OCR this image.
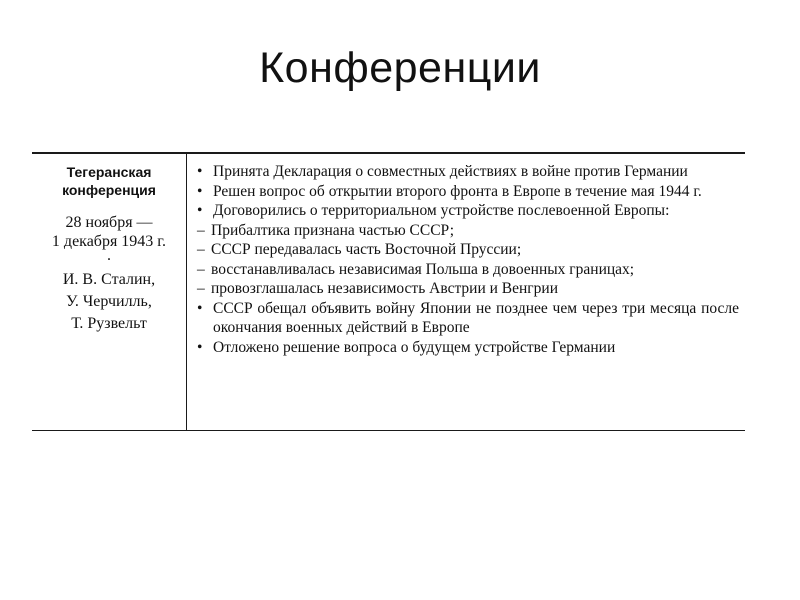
Конференции
Тегеранская
конференция
28 ноября —
1 декабря 1943 г.
.
И. В. Сталин,
У. Черчилль,
Т. Рузвельт
• Принята Декларация о совместных действиях в войне против Германии
• Решен вопрос об открытии второго фронта в Европе в течение мая 1944 г.
• Договорились о территориальном устройстве послевоенной Европы:
– Прибалтика признана частью СССР;
– СССР передавалась часть Восточной Пруссии;
– восстанавливалась независимая Польша в довоенных границах;
– провозглашалась независимость Австрии и Венгрии
• СССР обещал объявить войну Японии не позднее чем через три месяца после окончания военных действий в Европе
• Отложено решение вопроса о будущем устройстве Германии
